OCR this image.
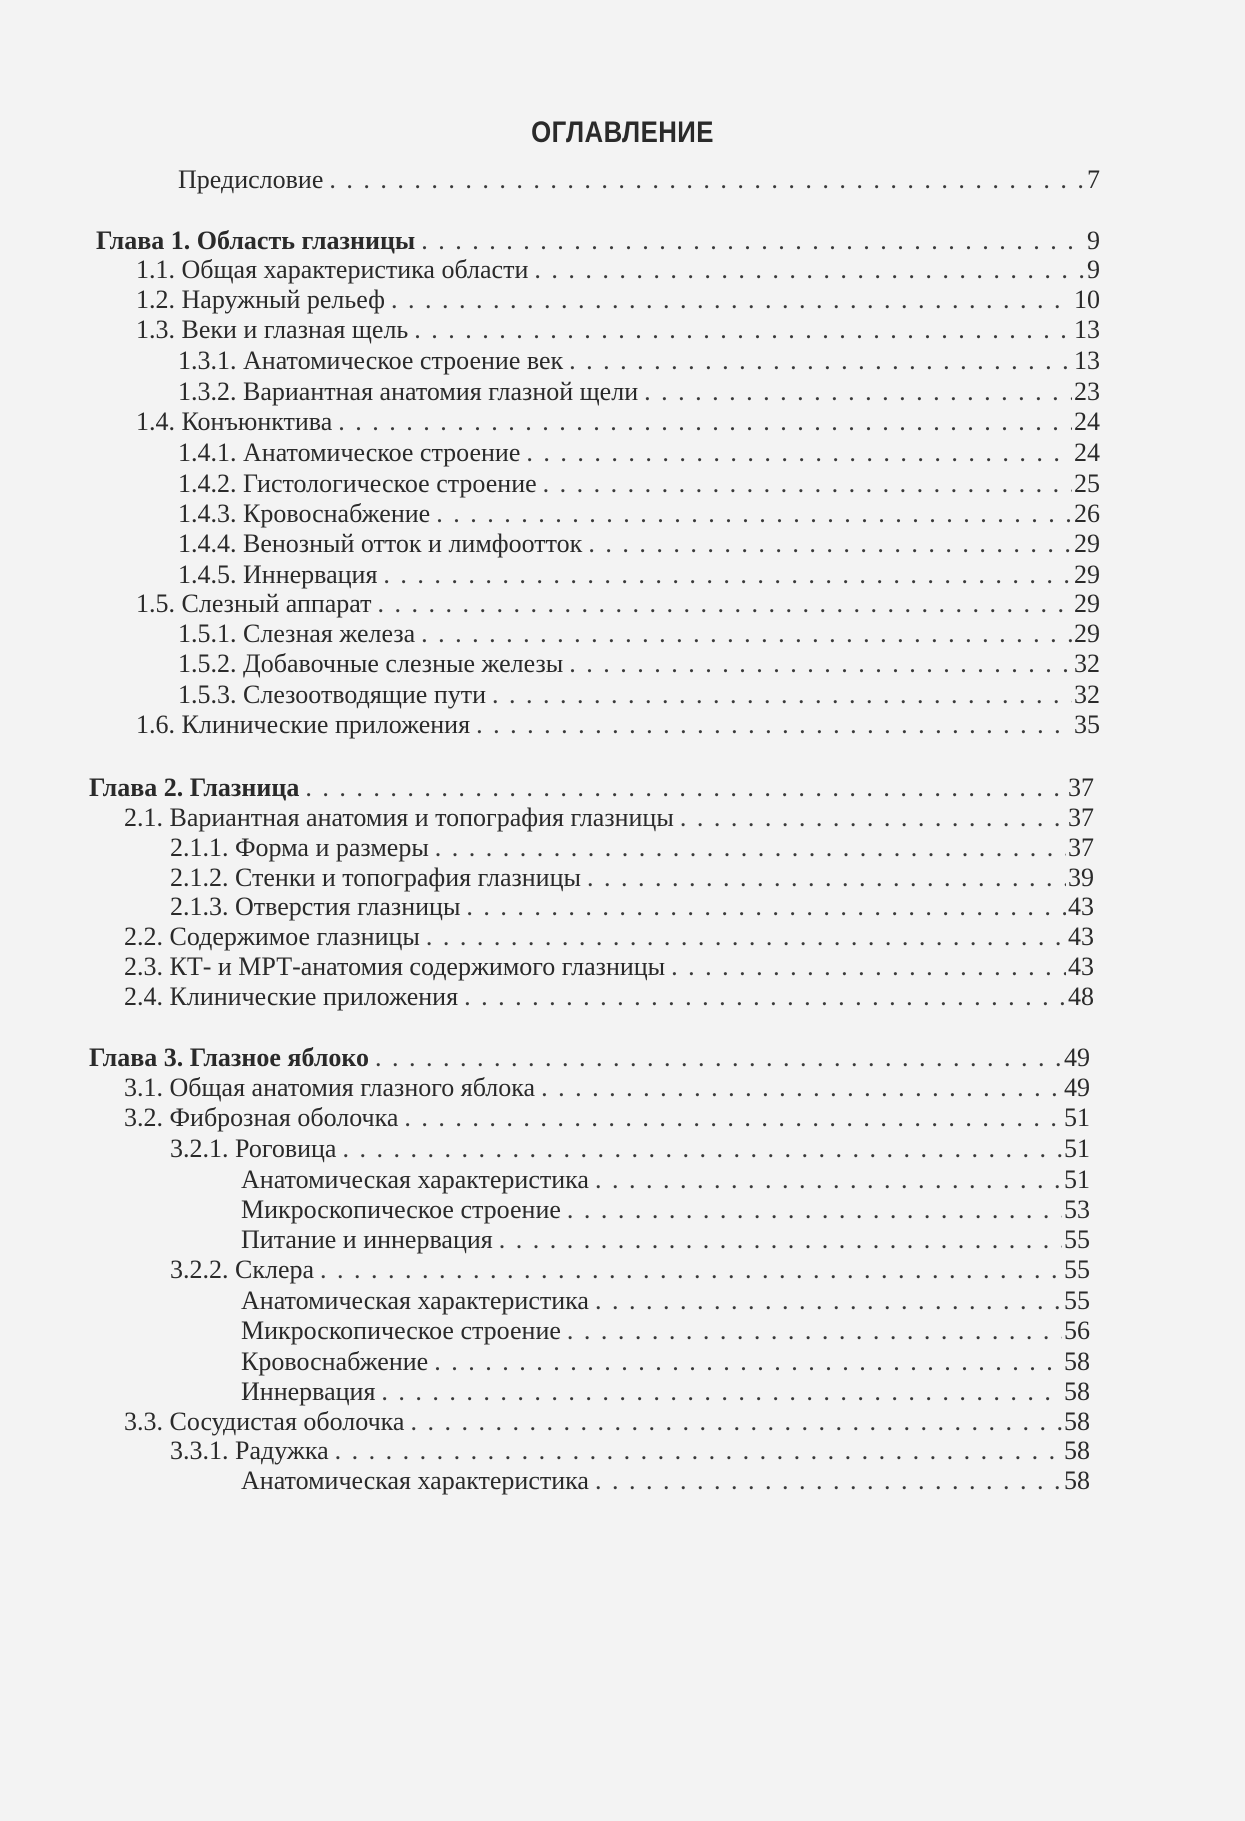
ОГЛАВЛЕНИЕ
Предисловие . . .	7
Глава 1. Область глазницы . . .	9
1.1. Общая характеристика области . . .	9
1.2. Наружный рельеф . . .	10
1.3. Веки и глазная щель . . .	13
1.3.1. Анатомическое строение век . . .	13
1.3.2. Вариантная анатомия глазной щели . . .	23
1.4. Конъюнктива . . .	24
1.4.1. Анатомическое строение . . .	24
1.4.2. Гистологическое строение . . .	25
1.4.3. Кровоснабжение . . .	26
1.4.4. Венозный отток и лимфоотток . . .	29
1.4.5. Иннервация . . .	29
1.5. Слезный аппарат . . .	29
1.5.1. Слезная железа . . .	29
1.5.2. Добавочные слезные железы . . .	32
1.5.3. Слезоотводящие пути . . .	32
1.6. Клинические приложения . . .	35
Глава 2. Глазница . . .	37
2.1. Вариантная анатомия и топография глазницы . . .	37
2.1.1. Форма и размеры . . .	37
2.1.2. Стенки и топография глазницы . . .	39
2.1.3. Отверстия глазницы . . .	43
2.2. Содержимое глазницы . . .	43
2.3. КТ- и МРТ-анатомия содержимого глазницы . . .	43
2.4. Клинические приложения . . .	48
Глава 3. Глазное яблоко . . .	49
3.1. Общая анатомия глазного яблока . . .	49
3.2. Фиброзная оболочка . . .	51
3.2.1. Роговица . . .	51
Анатомическая характеристика . . .	51
Микроскопическое строение . . .	53
Питание и иннервация . . .	55
3.2.2. Склера . . .	55
Анатомическая характеристика . . .	55
Микроскопическое строение . . .	56
Кровоснабжение . . .	58
Иннервация . . .	58
3.3. Сосудистая оболочка . . .	58
3.3.1. Радужка . . .	58
Анатомическая характеристика . . .	58
